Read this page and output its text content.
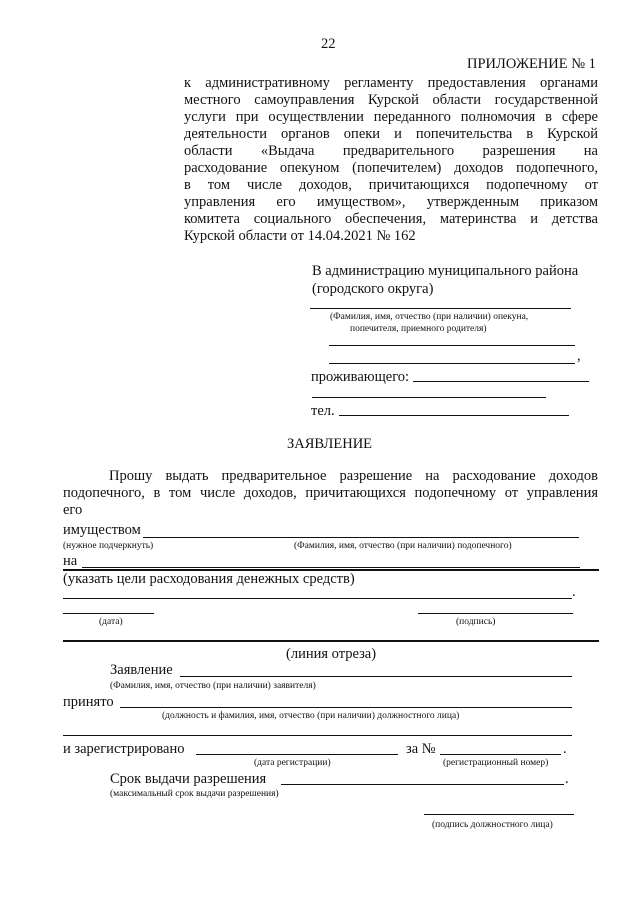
22
ПРИЛОЖЕНИЕ № 1
к административному регламенту предоставления органами
местного самоуправления Курской области государственной
услуги при осуществлении переданного полномочия в сфере
деятельности органов опеки и попечительства в Курской
области «Выдача предварительного разрешения на
расходование опекуном (попечителем) доходов подопечного,
в том числе доходов, причитающихся подопечному от
управления его имуществом», утвержденным приказом
комитета социального обеспечения, материнства и детства
Курской области от 14.04.2021 № 162
В администрацию муниципального района
(городского округа)
(Фамилия, имя, отчество (при наличии) опекуна,
попечителя, приемного родителя)
,
проживающего:
тел.
ЗАЯВЛЕНИЕ
Прошу выдать предварительное разрешение на расходование доходов
подопечного, в том числе доходов, причитающихся подопечному от управления
его
имуществом
(нужное подчеркнуть)	(Фамилия, имя, отчество (при наличии) подопечного)
на
(указать цели расходования денежных средств)
.
(дата)	(подпись)
(линия отреза)
Заявление
(Фамилия, имя, отчество (при наличии) заявителя)
принято
(должность и фамилия, имя, отчество (при наличии) должностного лица)
и зарегистрировано	за №	.
(дата регистрации)	(регистрационный номер)
Срок выдачи разрешения	.
(максимальный срок выдачи разрешения)
(подпись должностного лица)
